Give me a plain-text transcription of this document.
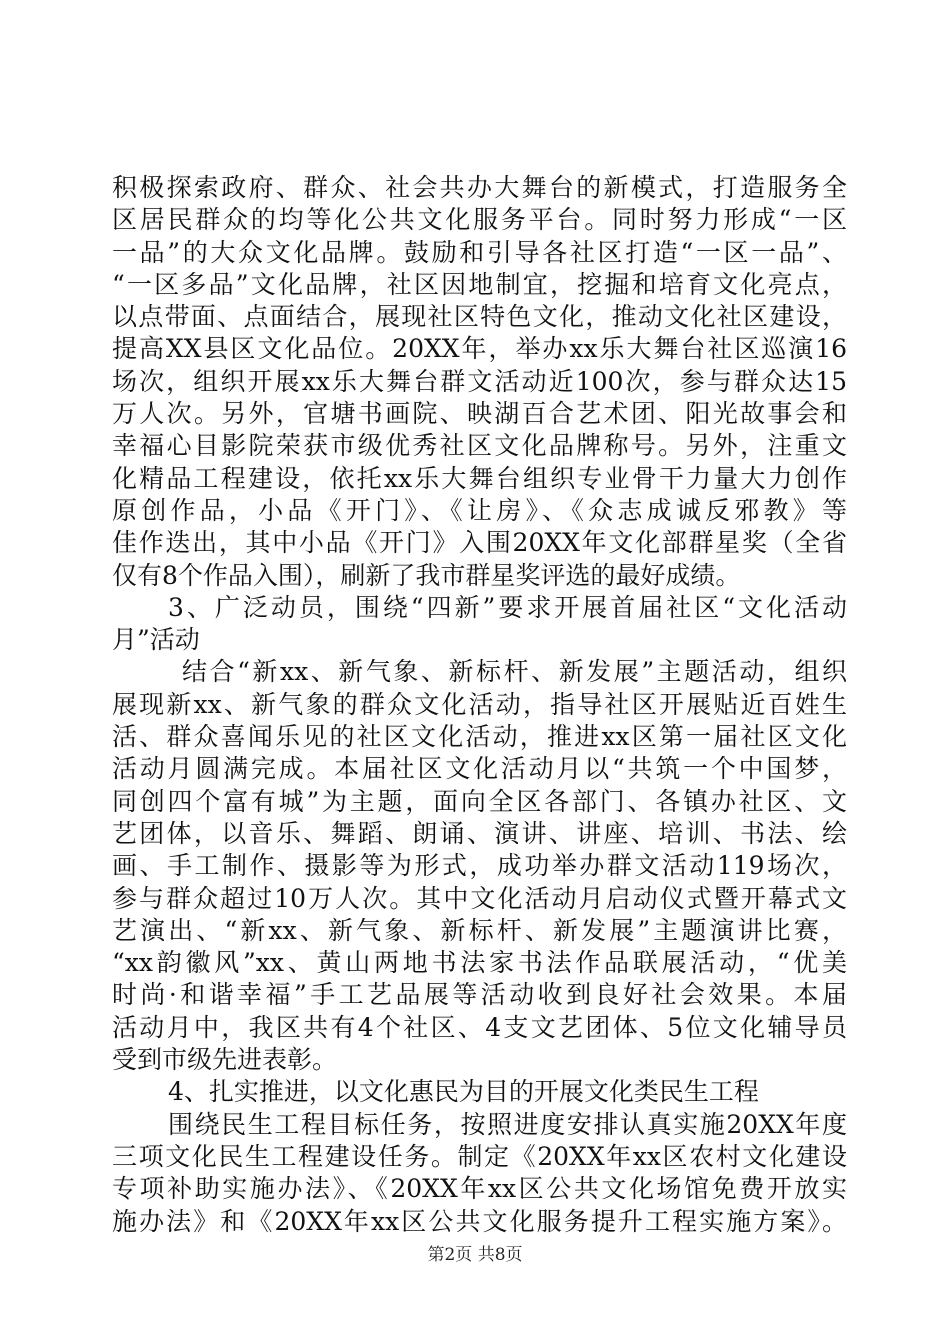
积极探索政府、群众、社会共办大舞台的新模式，打造服务全
区居民群众的均等化公共文化服务平台。同时努力形成“一区
一品”的大众文化品牌。鼓励和引导各社区打造“一区一品”、
“一区多品”文化品牌，社区因地制宜，挖掘和培育文化亮点，
以点带面、点面结合，展现社区特色文化，推动文化社区建设，
提高XX县区文化品位。20XX年，举办xx乐大舞台社区巡演16
场次，组织开展xx乐大舞台群文活动近100次，参与群众达15
万人次。另外，官塘书画院、映湖百合艺术团、阳光故事会和
幸福心目影院荣获市级优秀社区文化品牌称号。另外，注重文
化精品工程建设，依托xx乐大舞台组织专业骨干力量大力创作
原创作品，小品《开门》、《让房》、《众志成诚反邪教》等
佳作迭出，其中小品《开门》入围20XX年文化部群星奖（全省
仅有8个作品入围），刷新了我市群星奖评选的最好成绩。
3、广泛动员，围绕“四新”要求开展首届社区“文化活动
月”活动
结合“新xx、新气象、新标杆、新发展”主题活动，组织
展现新xx、新气象的群众文化活动，指导社区开展贴近百姓生
活、群众喜闻乐见的社区文化活动，推进xx区第一届社区文化
活动月圆满完成。本届社区文化活动月以“共筑一个中国梦，
同创四个富有城”为主题，面向全区各部门、各镇办社区、文
艺团体，以音乐、舞蹈、朗诵、演讲、讲座、培训、书法、绘
画、手工制作、摄影等为形式，成功举办群文活动119场次，
参与群众超过10万人次。其中文化活动月启动仪式暨开幕式文
艺演出、“新xx、新气象、新标杆、新发展”主题演讲比赛，
“xx韵徽风”xx、黄山两地书法家书法作品联展活动，“优美
时尚·和谐幸福”手工艺品展等活动收到良好社会效果。本届
活动月中，我区共有4个社区、4支文艺团体、5位文化辅导员
受到市级先进表彰。
4、扎实推进，以文化惠民为目的开展文化类民生工程
围绕民生工程目标任务，按照进度安排认真实施20XX年度
三项文化民生工程建设任务。制定《20XX年xx区农村文化建设
专项补助实施办法》、《20XX年xx区公共文化场馆免费开放实
施办法》和《20XX年xx区公共文化服务提升工程实施方案》。
第2页 共8页
